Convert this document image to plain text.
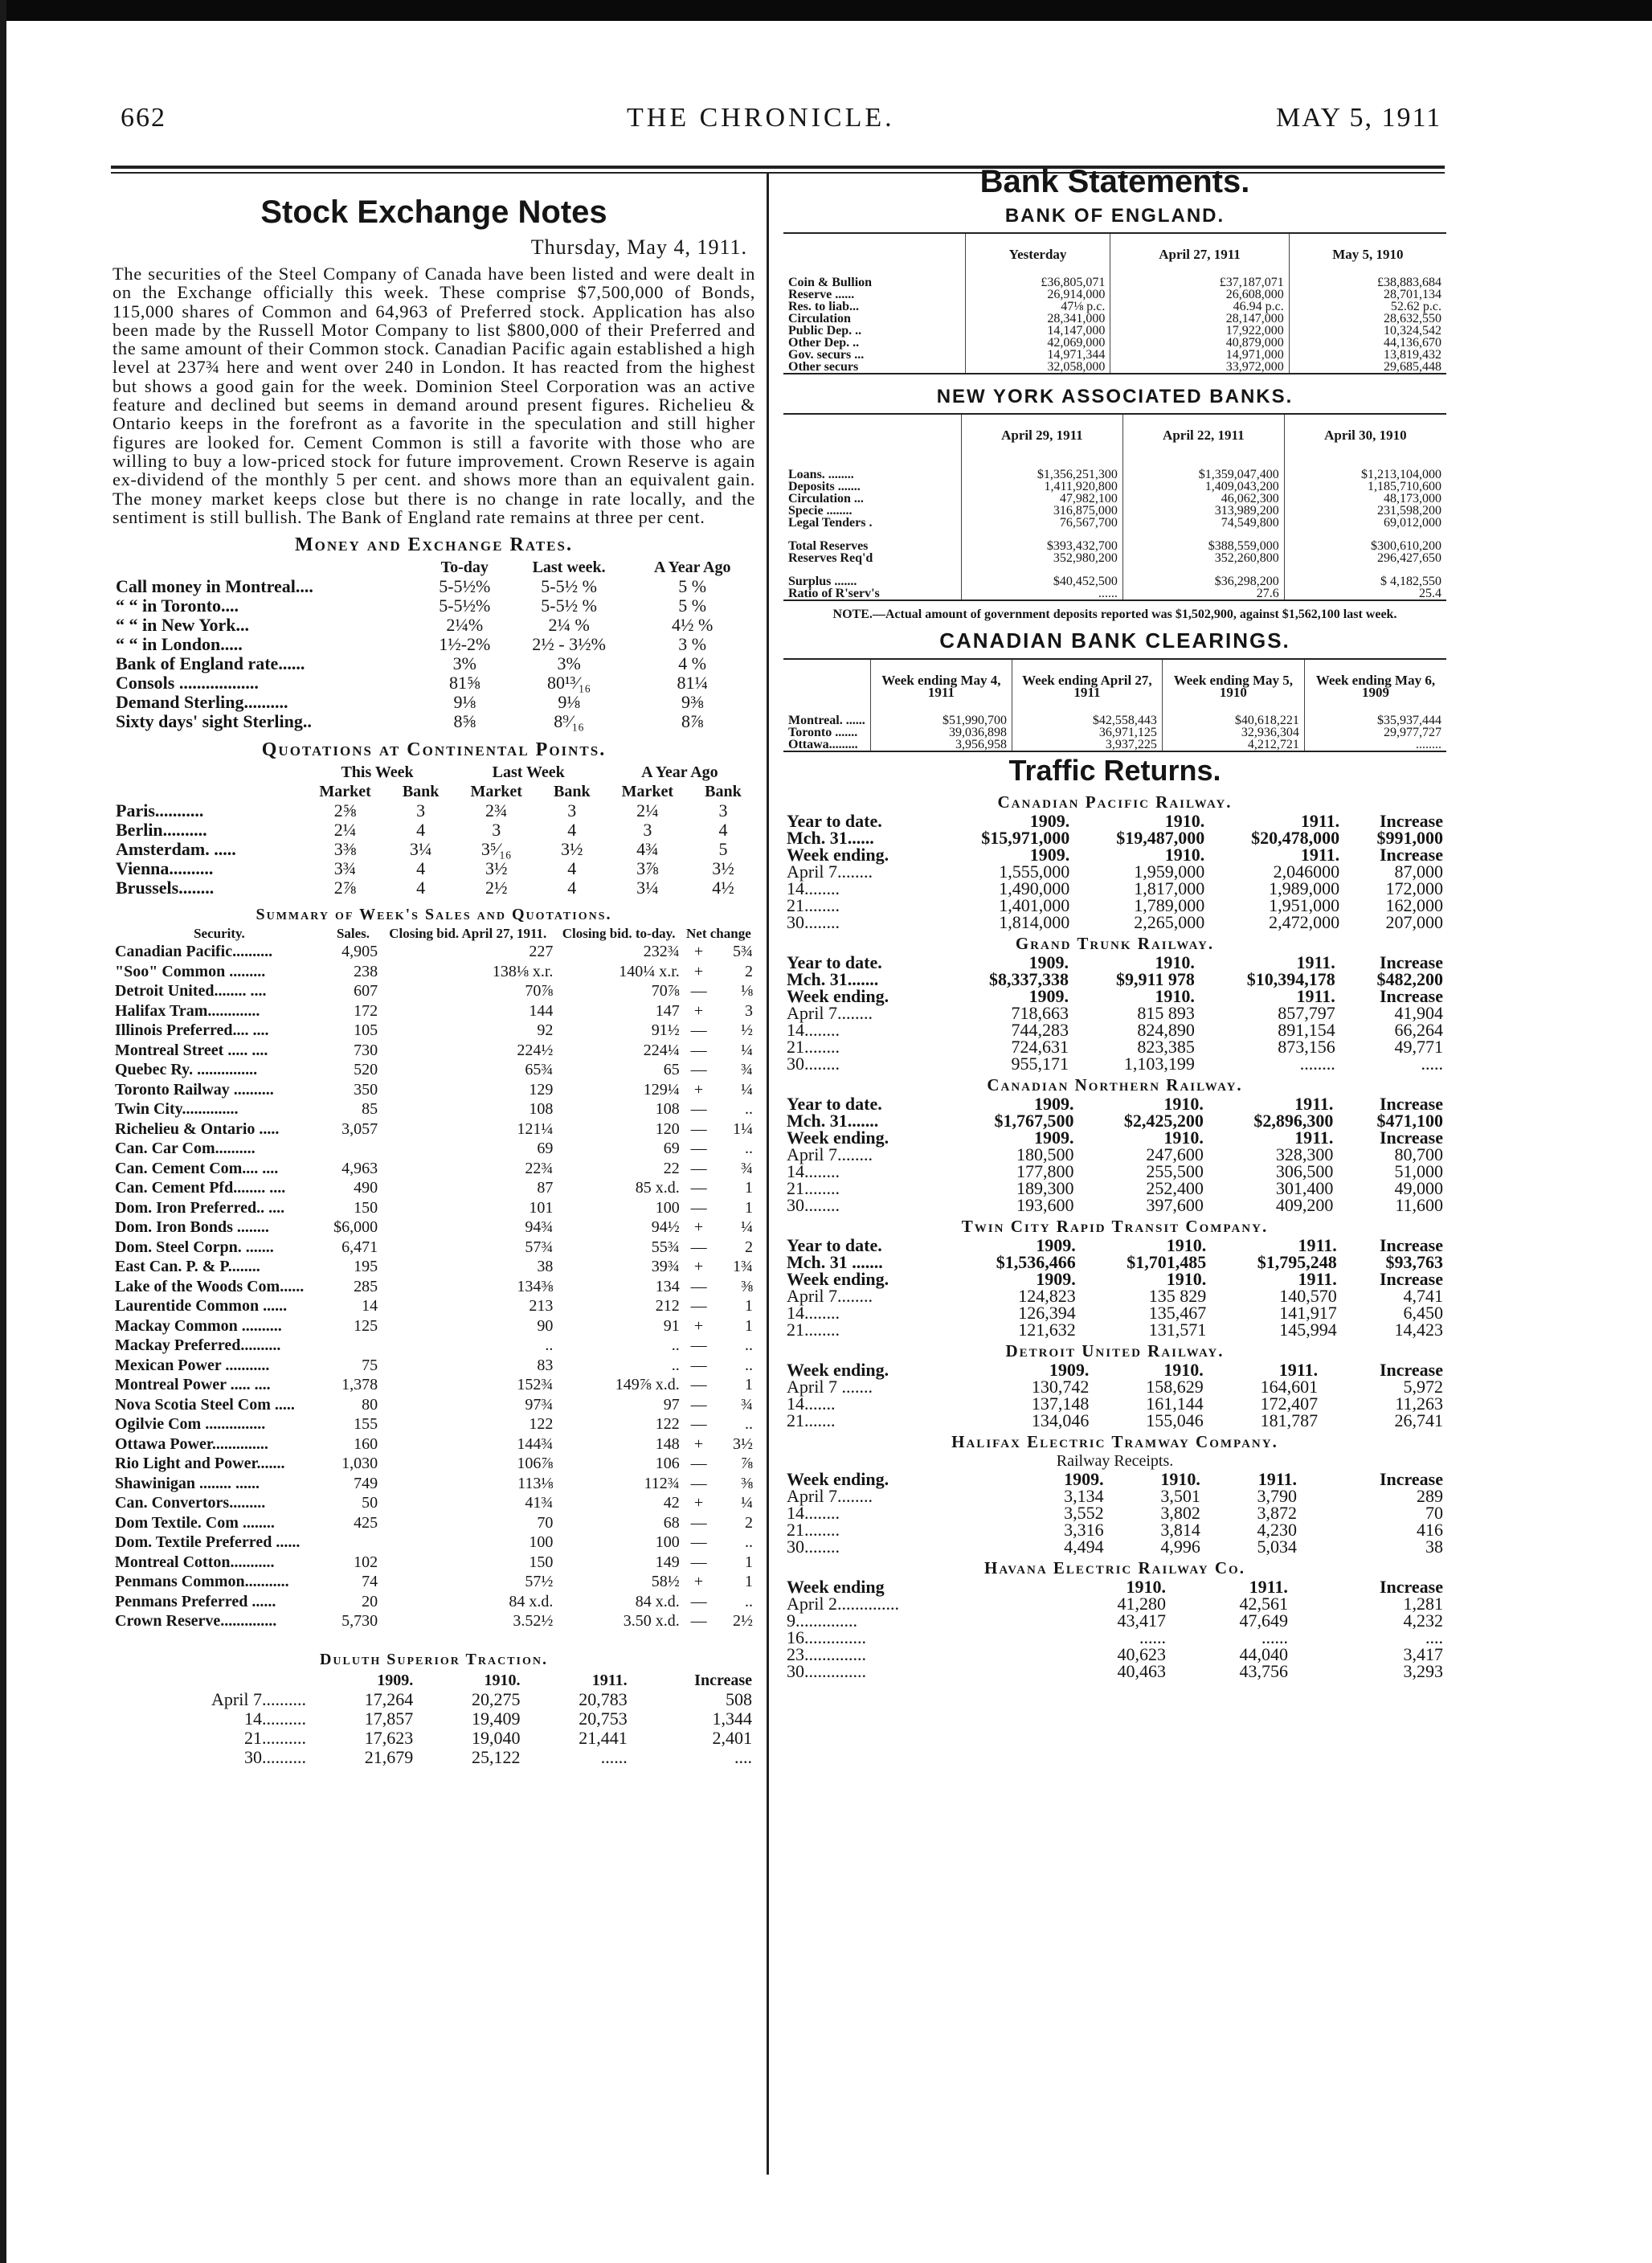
662	THE CHRONICLE.	MAY 5, 1911
Stock Exchange Notes
Thursday, May 4, 1911.

The securities of the Steel Company of Canada have been listed and were dealt in on the Exchange officially this week. These comprise $7,500,000 of Bonds, 115,000 shares of Common and 64,963 of Preferred stock. Application has also been made by the Russell Motor Company to list $800,000 of their Preferred and the same amount of their Common stock. Canadian Pacific again established a high level at 237¾ here and went over 240 in London. It has reacted from the highest but shows a good gain for the week. Dominion Steel Corporation was an active feature and declined but seems in demand around present figures. Richelieu & Ontario keeps in the forefront as a favorite in the speculation and still higher figures are looked for. Cement Common is still a favorite with those who are willing to buy a low-priced stock for future improvement. Crown Reserve is again ex-dividend of the monthly 5 per cent. and shows more than an equivalent gain. The money market keeps close but there is no change in rate locally, and the sentiment is still bullish. The Bank of England rate remains at three per cent.

Money and Exchange Rates.
	To-day	Last week.	A Year Ago
Call money in Montreal....	5-5½%	5-5½ %	5 %
“ “ in Toronto....	5-5½%	5-5½ %	5 %
“ “ in New York...	2¼%	2¼ %	4½ %
“ “ in London.....	1½-2%	2½ - 3½%	3 %
Bank of England rate......	3%	3%	4 %
Consols ..................	81⅝	80¹³⁄₁₆	81¼
Demand Sterling..........	9⅛	9⅛	9⅜
Sixty days' sight Sterling..	8⅝	8⁹⁄₁₆	8⅞
Quotations at Continental Points.
	This Week		Last Week		A Year Ago	
	Market	Bank	Market	Bank	Market	Bank
Paris...........	2⅝	3	2¾	3	2¼	3
Berlin..........	2¼	4	3	4	3	4
Amsterdam. .....	3⅜	3¼	3⁵⁄₁₆	3½	4¾	5
Vienna..........	3¾	4	3½	4	3⅞	3½
Brussels........	2⅞	4	2½	4	3¼	4½
Summary of Week's Sales and Quotations.
Security.	Sales.	Closing bid. April 27, 1911.	Closing bid. to-day.	Net change	
Canadian Pacific..........	4,905	227	232¾	+	5¾
"Soo" Common .........	238	138⅛ x.r.	140¼ x.r.	+	2
Detroit United........ ....	607	70⅞	70⅞	—	⅛
Halifax Tram.............	172	144	147	+	3
Illinois Preferred.... ....	105	92	91½	—	½
Montreal Street ..... ....	730	224½	224¼	—	¼
Quebec Ry. ...............	520	65¾	65	—	¾
Toronto Railway ..........	350	129	129¼	+	¼
Twin City..............	85	108	108	—	..
Richelieu & Ontario .....	3,057	121¼	120	—	1¼
Can. Car Com..........		69	69	—	..
Can. Cement Com.... ....	4,963	22¾	22	—	¾
Can. Cement Pfd........ ....	490	87	85 x.d.	—	1
Dom. Iron Preferred.. ....	150	101	100	—	1
Dom. Iron Bonds ........	$6,000	94¾	94½	+	¼
Dom. Steel Corpn. .......	6,471	57¾	55¾	—	2
East Can. P. & P........	195	38	39¾	+	1¾
Lake of the Woods Com......	285	134⅜	134	—	⅜
Laurentide Common ......	14	213	212	—	1
Mackay Common ..........	125	90	91	+	1
Mackay Preferred..........		..	..	—	..
Mexican Power ...........	75	83	..	—	..
Montreal Power ..... ....	1,378	152¾	149⅞ x.d.	—	1
Nova Scotia Steel Com .....	80	97¾	97	—	¾
Ogilvie Com ...............	155	122	122	—	..
Ottawa Power..............	160	144¾	148	+	3½
Rio Light and Power.......	1,030	106⅞	106	—	⅞
Shawinigan ........ ......	749	113⅛	112¾	—	⅜
Can. Convertors.........	50	41¾	42	+	¼
Dom Textile. Com ........	425	70	68	—	2
Dom. Textile Preferred ......		100	100	—	..
Montreal Cotton...........	102	150	149	—	1
Penmans Common...........	74	57½	58½	+	1
Penmans Preferred ......	20	84 x.d.	84 x.d.	—	..
Crown Reserve..............	5,730	3.52½	3.50 x.d.	—	2½
Duluth Superior Traction.
	1909.	1910.	1911.	Increase
April 7..........	17,264	20,275	20,783	508
14..........	17,857	19,409	20,753	1,344
21..........	17,623	19,040	21,441	2,401
30..........	21,679	25,122	......	....
Bank Statements.
BANK OF ENGLAND.
	Yesterday	April 27, 1911	May 5, 1910
Coin & Bullion	£36,805,071	£37,187,071	£38,883,684
Reserve ......	26,914,000	26,608,000	28,701,134
Res. to liab...	47⅛ p.c.	46.94 p.c.	52.62 p.c.
Circulation	28,341,000	28,147,000	28,632,550
Public Dep. ..	14,147,000	17,922,000	10,324,542
Other Dep. ..	42,069,000	40,879,000	44,136,670
Gov. securs ...	14,971,344	14,971,000	13,819,432
Other securs	32,058,000	33,972,000	29,685,448
NEW YORK ASSOCIATED BANKS.
	April 29, 1911	April 22, 1911	April 30, 1910
Loans. ........	$1,356,251,300	$1,359,047,400	$1,213,104,000
Deposits .......	1,411,920,800	1,409,043,200	1,185,710,600
Circulation ...	47,982,100	46,062,300	48,173,000
Specie ........	316,875,000	313,989,200	231,598,200
Legal Tenders .	76,567,700	74,549,800	69,012,000
Total Reserves	$393,432,700	$388,559,000	$300,610,200
Reserves Req'd	352,980,200	352,260,800	296,427,650
Surplus .......	$40,452,500	$36,298,200	$ 4,182,550
Ratio of R'serv's	......	27.6	25.4
NOTE.—Actual amount of government deposits reported was $1,502,900, against $1,562,100 last week.
CANADIAN BANK CLEARINGS.
	Week ending May 4, 1911	Week ending April 27, 1911	Week ending May 5, 1910	Week ending May 6, 1909
Montreal. ......	$51,990,700	$42,558,443	$40,618,221	$35,937,444
Toronto .......	39,036,898	36,971,125	32,936,304	29,977,727
Ottawa.........	3,956,958	3,937,225	4,212,721	........
Traffic Returns.
Canadian Pacific Railway.
Year to date.	1909.	1910.	1911.	Increase
Mch. 31......	$15,971,000	$19,487,000	$20,478,000	$991,000
Week ending.	1909.	1910.	1911.	Increase
April 7........	1,555,000	1,959,000	2,046000	87,000
14........	1,490,000	1,817,000	1,989,000	172,000
21........	1,401,000	1,789,000	1,951,000	162,000
30........	1,814,000	2,265,000	2,472,000	207,000
Grand Trunk Railway.
Year to date.	1909.	1910.	1911.	Increase
Mch. 31.......	$8,337,338	$9,911 978	$10,394,178	$482,200
Week ending.	1909.	1910.	1911.	Increase
April 7........	718,663	815 893	857,797	41,904
14........	744,283	824,890	891,154	66,264
21........	724,631	823,385	873,156	49,771
30........	955,171	1,103,199	........	.....
Canadian Northern Railway.
Year to date.	1909.	1910.	1911.	Increase
Mch. 31.......	$1,767,500	$2,425,200	$2,896,300	$471,100
Week ending.	1909.	1910.	1911.	Increase
April 7........	180,500	247,600	328,300	80,700
14........	177,800	255,500	306,500	51,000
21........	189,300	252,400	301,400	49,000
30........	193,600	397,600	409,200	11,600
Twin City Rapid Transit Company.
Year to date.	1909.	1910.	1911.	Increase
Mch. 31 .......	$1,536,466	$1,701,485	$1,795,248	$93,763
Week ending.	1909.	1910.	1911.	Increase
April 7........	124,823	135 829	140,570	4,741
14........	126,394	135,467	141,917	6,450
21........	121,632	131,571	145,994	14,423
Detroit United Railway.
Week ending.	1909.	1910.	1911.	Increase
April 7 .......	130,742	158,629	164,601	5,972
14.......	137,148	161,144	172,407	11,263
21.......	134,046	155,046	181,787	26,741
Halifax Electric Tramway Company.
Railway Receipts.
Week ending.	1909.	1910.	1911.	Increase
April 7........	3,134	3,501	3,790	289
14........	3,552	3,802	3,872	70
21........	3,316	3,814	4,230	416
30........	4,494	4,996	5,034	38
Havana Electric Railway Co.
Week ending	1910.	1911.	Increase
April 2..............	41,280	42,561	1,281
9..............	43,417	47,649	4,232
16..............	......	......	....
23..............	40,623	44,040	3,417
30..............	40,463	43,756	3,293
